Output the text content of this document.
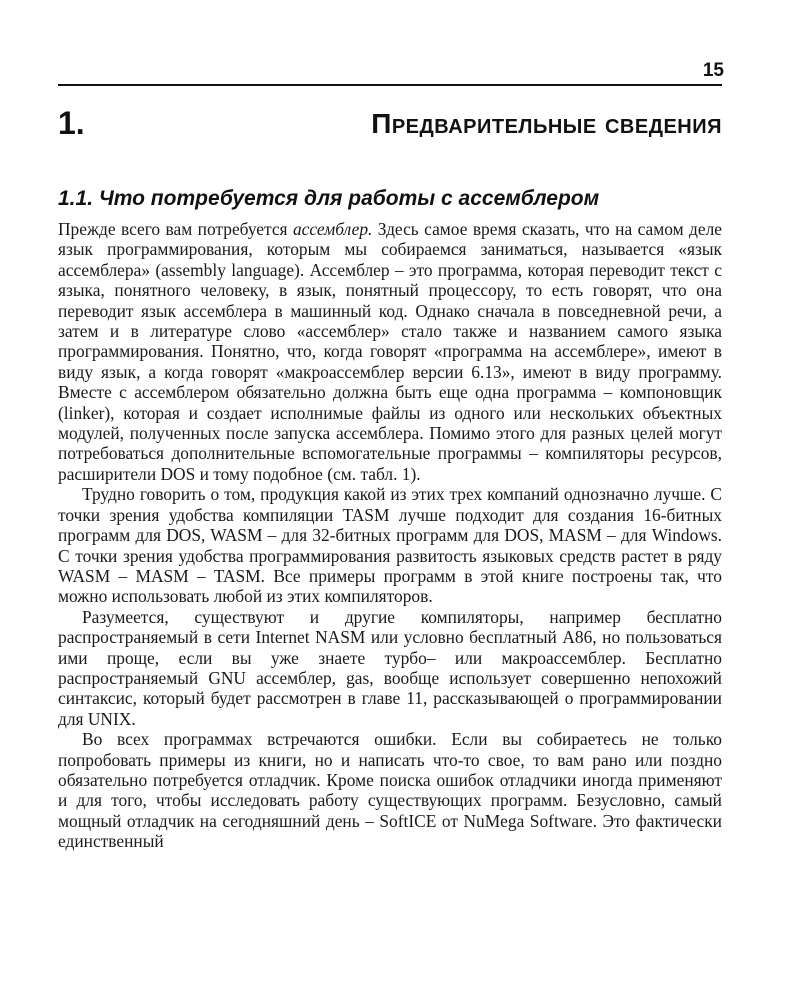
15
1.	Предварительные сведения
1.1. Что потребуется для работы с ассемблером

Прежде всего вам потребуется ассемблер. Здесь самое время сказать, что на самом деле язык программирования, которым мы собираемся заниматься, называется «язык ассемблера» (assembly language). Ассемблер – это программа, которая переводит текст с языка, понятного человеку, в язык, понятный процессору, то есть говорят, что она переводит язык ассемблера в машинный код. Однако сначала в повседневной речи, а затем и в литературе слово «ассемблер» стало также и названием самого языка программирования. Понятно, что, когда говорят «программа на ассемблере», имеют в виду язык, а когда говорят «макроассемблер версии 6.13», имеют в виду программу. Вместе с ассемблером обязательно должна быть еще одна программа – компоновщик (linker), которая и создает исполнимые файлы из одного или нескольких объектных модулей, полученных после запуска ассемблера. Помимо этого для разных целей могут потребоваться дополнительные вспомогательные программы – компиляторы ресурсов, расширители DOS и тому подобное (см. табл. 1).

Трудно говорить о том, продукция какой из этих трех компаний однозначно лучше. С точки зрения удобства компиляции TASM лучше подходит для создания 16-битных программ для DOS, WASM – для 32-битных программ для DOS, MASM – для Windows. С точки зрения удобства программирования развитость языковых средств растет в ряду WASM – MASM – TASM. Все примеры программ в этой книге построены так, что можно использовать любой из этих компиляторов.

Разумеется, существуют и другие компиляторы, например бесплатно распространяемый в сети Internet NASM или условно бесплатный A86, но пользоваться ими проще, если вы уже знаете турбо– или макроассемблер. Бесплатно распространяемый GNU ассемблер, gas, вообще использует совершенно непохожий синтаксис, который будет рассмотрен в главе 11, рассказывающей о программировании для UNIX.

Во всех программах встречаются ошибки. Если вы собираетесь не только попробовать примеры из книги, но и написать что-то свое, то вам рано или поздно обязательно потребуется отладчик. Кроме поиска ошибок отладчики иногда применяют и для того, чтобы исследовать работу существующих программ. Безусловно, самый мощный отладчик на сегодняшний день – SoftICE от NuMega Software. Это фактически единственный
